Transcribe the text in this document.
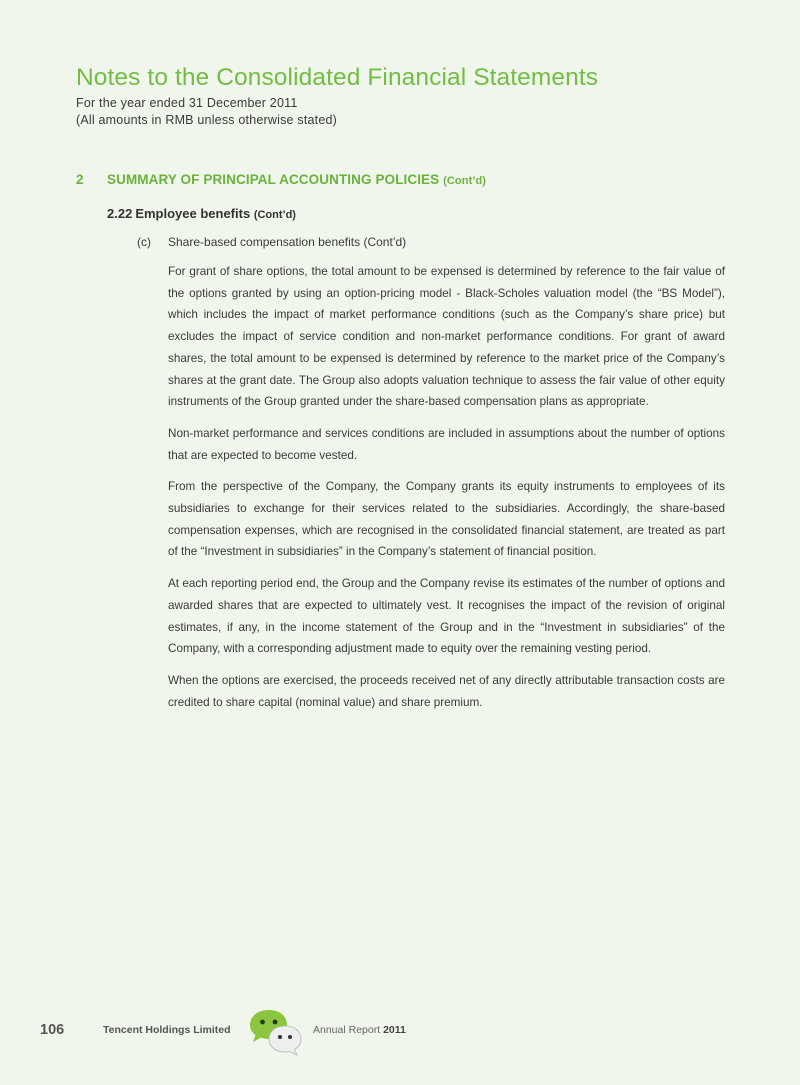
Notes to the Consolidated Financial Statements
For the year ended 31 December 2011
(All amounts in RMB unless otherwise stated)
2 SUMMARY OF PRINCIPAL ACCOUNTING POLICIES (Cont’d)
2.22 Employee benefits (Cont’d)
(c) Share-based compensation benefits (Cont’d)

For grant of share options, the total amount to be expensed is determined by reference to the fair value of the options granted by using an option-pricing model - Black-Scholes valuation model (the “BS Model”), which includes the impact of market performance conditions (such as the Company’s share price) but excludes the impact of service condition and non-market performance conditions. For grant of award shares, the total amount to be expensed is determined by reference to the market price of the Company’s shares at the grant date. The Group also adopts valuation technique to assess the fair value of other equity instruments of the Group granted under the share-based compensation plans as appropriate.

Non-market performance and services conditions are included in assumptions about the number of options that are expected to become vested.

From the perspective of the Company, the Company grants its equity instruments to employees of its subsidiaries to exchange for their services related to the subsidiaries. Accordingly, the share-based compensation expenses, which are recognised in the consolidated financial statement, are treated as part of the “Investment in subsidiaries” in the Company’s statement of financial position.

At each reporting period end, the Group and the Company revise its estimates of the number of options and awarded shares that are expected to ultimately vest. It recognises the impact of the revision of original estimates, if any, in the income statement of the Group and in the “Investment in subsidiaries” of the Company, with a corresponding adjustment made to equity over the remaining vesting period.

When the options are exercised, the proceeds received net of any directly attributable transaction costs are credited to share capital (nominal value) and share premium.

106	Tencent Holdings Limited	Annual Report 2011
